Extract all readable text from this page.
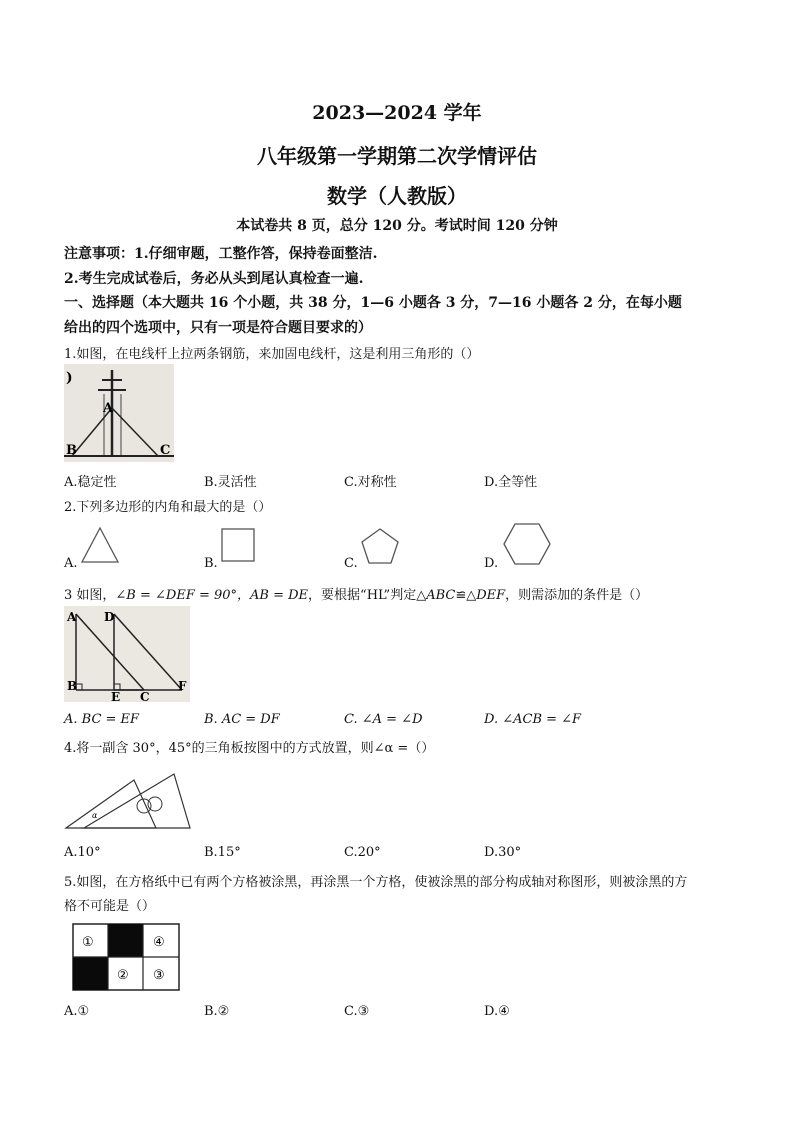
2023—2024 学年
八年级第一学期第二次学情评估
数学（人教版）
本试卷共 8 页，总分 120 分。考试时间 120 分钟
注意事项：1.仔细审题，工整作答，保持卷面整洁.
2.考生完成试卷后，务必从头到尾认真检查一遍.
一、选择题（本大题共 16 个小题，共 38 分，1—6 小题各 3 分，7—16 小题各 2 分，在每小题
给出的四个选项中，只有一项是符合题目要求的）
1.如图，在电线杆上拉两条钢筋，来加固电线杆，这是利用三角形的（）
)
A
B	C
A.稳定性	B.灵活性	C.对称性	D.全等性
2.下列多边形的内角和最大的是（）
A.	B.	C.	D.
3 如图，∠B = ∠DEF = 90°，AB = DE，要根据“HL”判定△ABC≌△DEF，则需添加的条件是（）
A D
B
E C
F
A. BC = EF	B. AC = DF	C. ∠A = ∠D	D. ∠ACB = ∠F
4.将一副含 30°，45°的三角板按图中的方式放置，则∠α =（）
α
A.10°	B.15°	C.20°	D.30°
5.如图，在方格纸中已有两个方格被涂黑，再涂黑一个方格，使被涂黑的部分构成轴对称图形，则被涂黑的方
格不可能是（）
①	④
② ③
A.①	B.②	C.③	D.④
